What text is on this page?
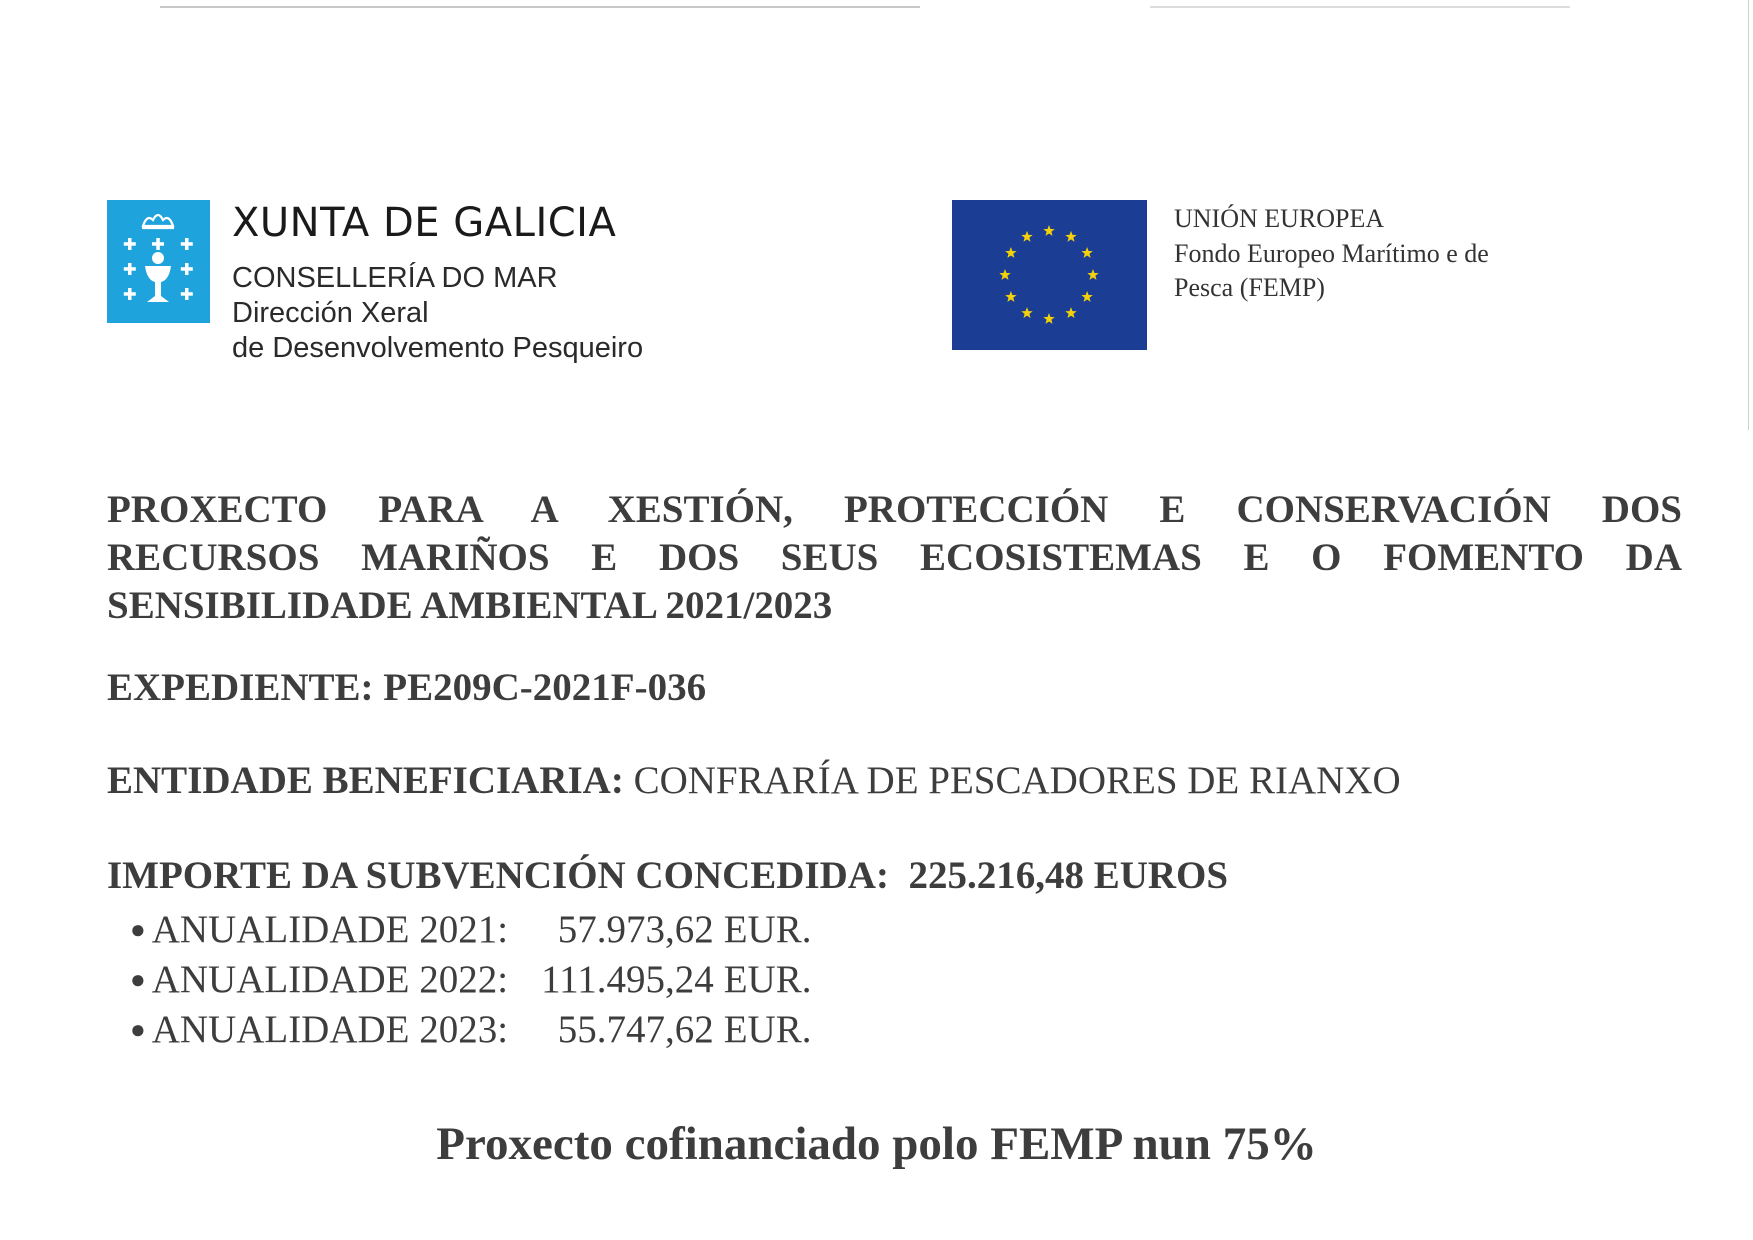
XUNTA DE GALICIA
CONSELLERÍA DO MAR
Dirección Xeral
de Desenvolvemento Pesqueiro
UNIÓN EUROPEA
Fondo Europeo Marítimo e de
Pesca (FEMP)
PROXECTO PARA A XESTIÓN, PROTECCIÓN E CONSERVACIÓN DOS
RECURSOS MARIÑOS E DOS SEUS ECOSISTEMAS E O FOMENTO DA
SENSIBILIDADE AMBIENTAL 2021/2023
EXPEDIENTE: PE209C-2021F-036
ENTIDADE BENEFICIARIA: CONFRARÍA DE PESCADORES DE RIANXO
IMPORTE DA SUBVENCIÓN CONCEDIDA: 225.216,48 EUROS
● ANUALIDADE 2021:	57.973,62 EUR.
● ANUALIDADE 2022: 111.495,24 EUR.
● ANUALIDADE 2023:	55.747,62 EUR.
Proxecto cofinanciado polo FEMP nun 75%
